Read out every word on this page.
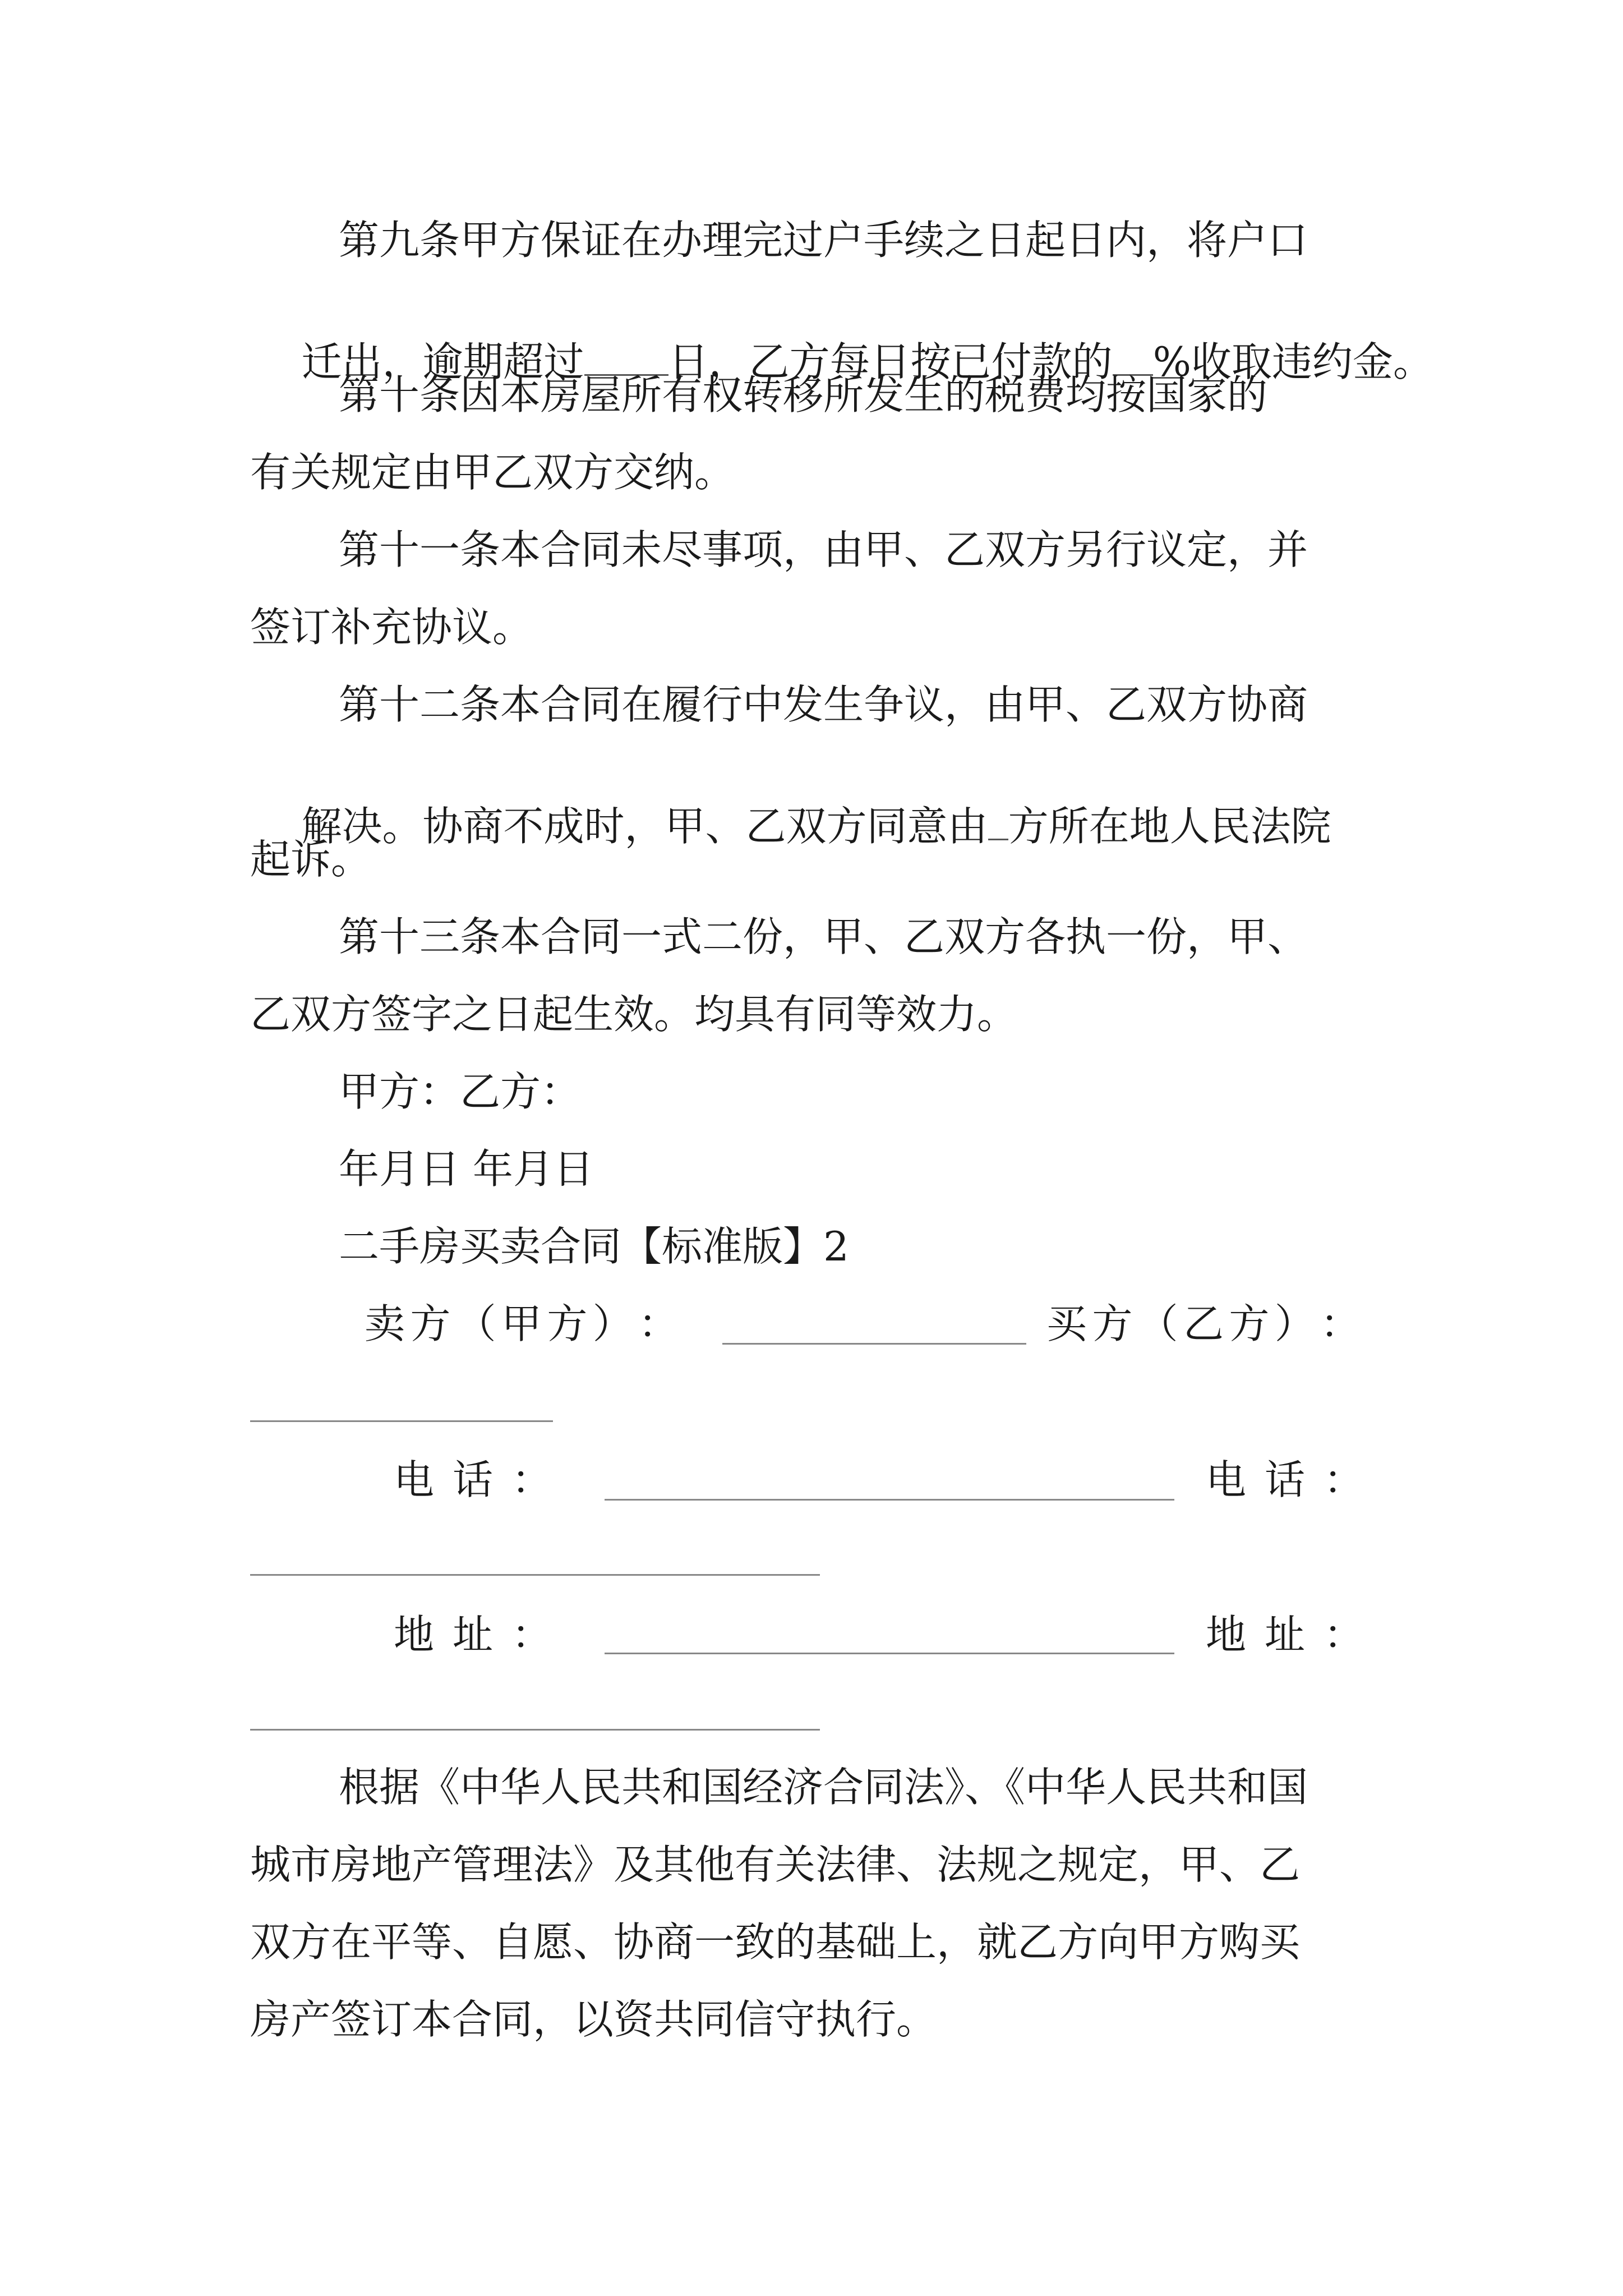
第九条甲方保证在办理完过户手续之日起日内，将户口

迁出，逾期超过 日，乙方每日按已付款的 %收取违约金。

第十条因本房屋所有权转移所发生的税费均按国家的
有关规定由甲乙双方交纳。
第十一条本合同未尽事项，由甲、乙双方另行议定，并
签订补充协议。
第十二条本合同在履行中发生争议，由甲、乙双方协商

解决。协商不成时，甲、乙双方同意由 方所在地人民法院

起诉。
第十三条本合同一式二份，甲、乙双方各执一份，甲、
乙双方签字之日起生效。均具有同等效力。
甲方：乙方：
年月日 年月日
二手房买卖合同【标准版】2
卖 方 （ 甲 方 ） ：	买 方 （ 乙 方 ） ：
电 话 ：	电 话 ：
地 址 ：	地 址 ：
根据《中华人民共和国经济合同法》、《中华人民共和国
城市房地产管理法》及其他有关法律、法规之规定，甲、乙
双方在平等、自愿、协商一致的基础上，就乙方向甲方购买
房产签订本合同，以资共同信守执行。
